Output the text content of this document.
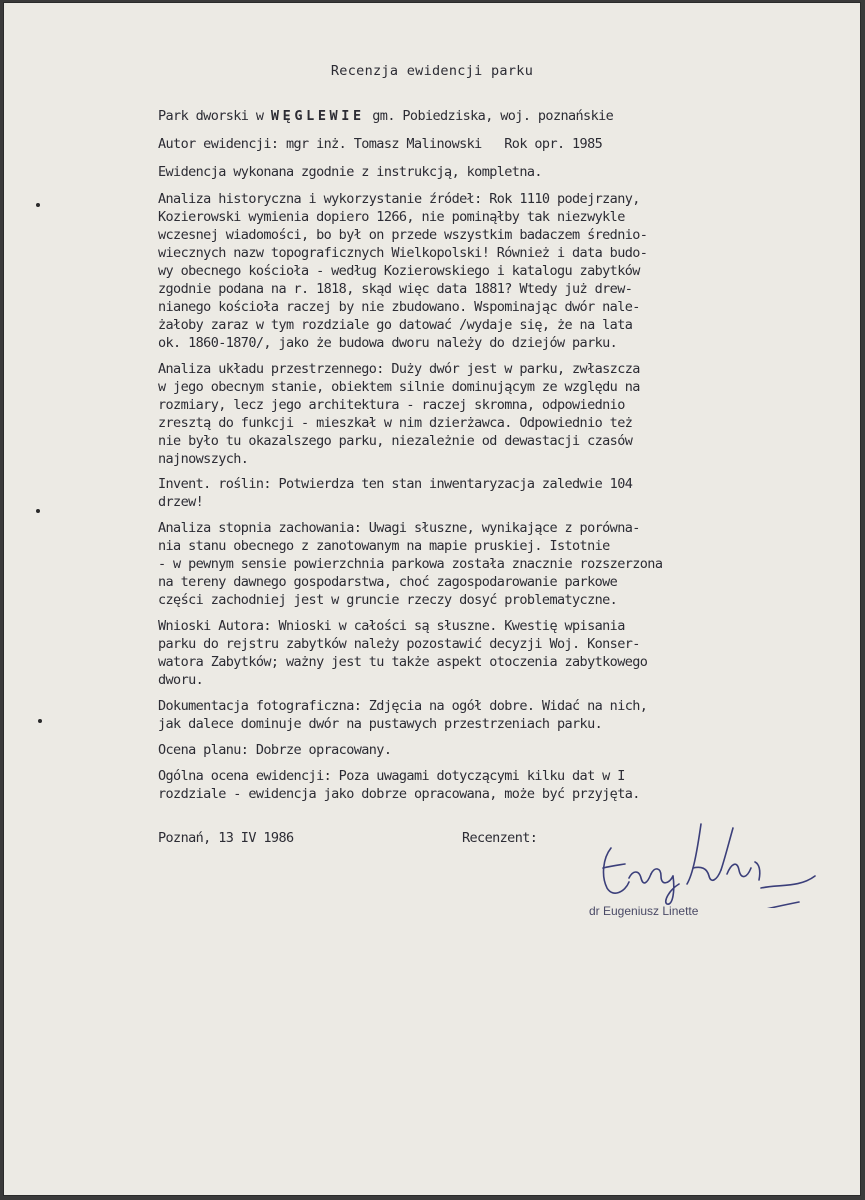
Recenzja ewidencji parku
Park dworski w WĘGLEWIE gm. Pobiedziska, woj. poznańskie
Autor ewidencji: mgr inż. Tomasz Malinowski   Rok opr. 1985
Ewidencja wykonana zgodnie z instrukcją, kompletna.
Analiza historyczna i wykorzystanie źródeł: Rok 1110 podejrzany,
Kozierowski wymienia dopiero 1266, nie pominąłby tak niezwykle
wczesnej wiadomości, bo był on przede wszystkim badaczem średnio-
wiecznych nazw topograficznych Wielkopolski! Również i data budo-
wy obecnego kościoła - według Kozierowskiego i katalogu zabytków
zgodnie podana na r. 1818, skąd więc data 1881? Wtedy już drew-
nianego kościoła raczej by nie zbudowano. Wspominając dwór nale-
żałoby zaraz w tym rozdziale go datować /wydaje się, że na lata
ok. 1860-1870/, jako że budowa dworu należy do dziejów parku.
Analiza układu przestrzennego: Duży dwór jest w parku, zwłaszcza
w jego obecnym stanie, obiektem silnie dominującym ze względu na
rozmiary, lecz jego architektura - raczej skromna, odpowiednio
zresztą do funkcji - mieszkał w nim dzierżawca. Odpowiednio też
nie było tu okazalszego parku, niezależnie od dewastacji czasów
najnowszych.
Invent. roślin: Potwierdza ten stan inwentaryzacja zaledwie 104
drzew!
Analiza stopnia zachowania: Uwagi słuszne, wynikające z porówna-
nia stanu obecnego z zanotowanym na mapie pruskiej. Istotnie
- w pewnym sensie powierzchnia parkowa została znacznie rozszerzona
na tereny dawnego gospodarstwa, choć zagospodarowanie parkowe
części zachodniej jest w gruncie rzeczy dosyć problematyczne.
Wnioski Autora: Wnioski w całości są słuszne. Kwestię wpisania
parku do rejstru zabytków należy pozostawić decyzji Woj. Konser-
watora Zabytków; ważny jest tu także aspekt otoczenia zabytkowego
dworu.
Dokumentacja fotograficzna: Zdjęcia na ogół dobre. Widać na nich,
jak dalece dominuje dwór na pustawych przestrzeniach parku.
Ocena planu: Dobrze opracowany.
Ogólna ocena ewidencji: Poza uwagami dotyczącymi kilku dat w I
rozdziale - ewidencja jako dobrze opracowana, może być przyjęta.
Poznań, 13 IV 1986	Recenzent:
dr Eugeniusz Linette
